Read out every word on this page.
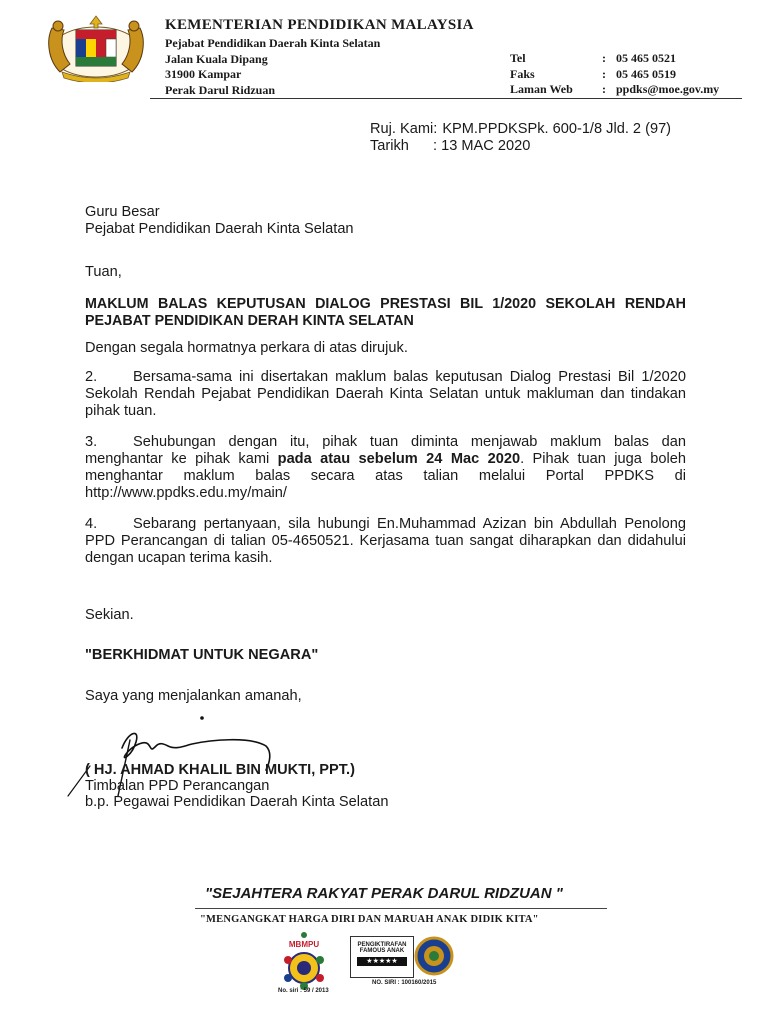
KEMENTERIAN PENDIDIKAN MALAYSIA
Pejabat Pendidikan Daerah Kinta Selatan
Jalan Kuala Dipang
31900 Kampar
Perak Darul Ridzuan
Tel	: 05 465 0521
Faks	: 05 465 0519
Laman Web	: ppdks@moe.gov.my
Ruj. Kami: KPM.PPDKSPk. 600-1/8 Jld. 2 (97)
Tarikh	: 13 MAC 2020
Guru Besar
Pejabat Pendidikan Daerah Kinta Selatan
Tuan,
MAKLUM BALAS KEPUTUSAN DIALOG PRESTASI BIL 1/2020 SEKOLAH RENDAH PEJABAT PENDIDIKAN DERAH KINTA SELATAN
Dengan segala hormatnya perkara di atas dirujuk.
2. Bersama-sama ini disertakan maklum balas keputusan Dialog Prestasi Bil 1/2020 Sekolah Rendah Pejabat Pendidikan Daerah Kinta Selatan untuk makluman dan tindakan pihak tuan.
3. Sehubungan dengan itu, pihak tuan diminta menjawab maklum balas dan menghantar ke pihak kami pada atau sebelum 24 Mac 2020. Pihak tuan juga boleh menghantar maklum balas secara atas talian melalui Portal PPDKS di http://www.ppdks.edu.my/main/
4. Sebarang pertanyaan, sila hubungi En.Muhammad Azizan bin Abdullah Penolong PPD Perancangan di talian 05-4650521. Kerjasama tuan sangat diharapkan dan didahului dengan ucapan terima kasih.
Sekian.
"BERKHIDMAT UNTUK NEGARA"
Saya yang menjalankan amanah,
( HJ. AHMAD KHALIL BIN MUKTI, PPT.)
Timbalan PPD Perancangan
b.p. Pegawai Pendidikan Daerah Kinta Selatan
"SEJAHTERA RAKYAT PERAK DARUL RIDZUAN "
"MENGANGKAT HARGA DIRI DAN MARUAH ANAK DIDIK KITA"
MBMPU
No. siri : 59 / 2013
PENGIKTIRAFAN
FAMOUS ANAK
★★★★★
NO. SIRI : 100160/2015
